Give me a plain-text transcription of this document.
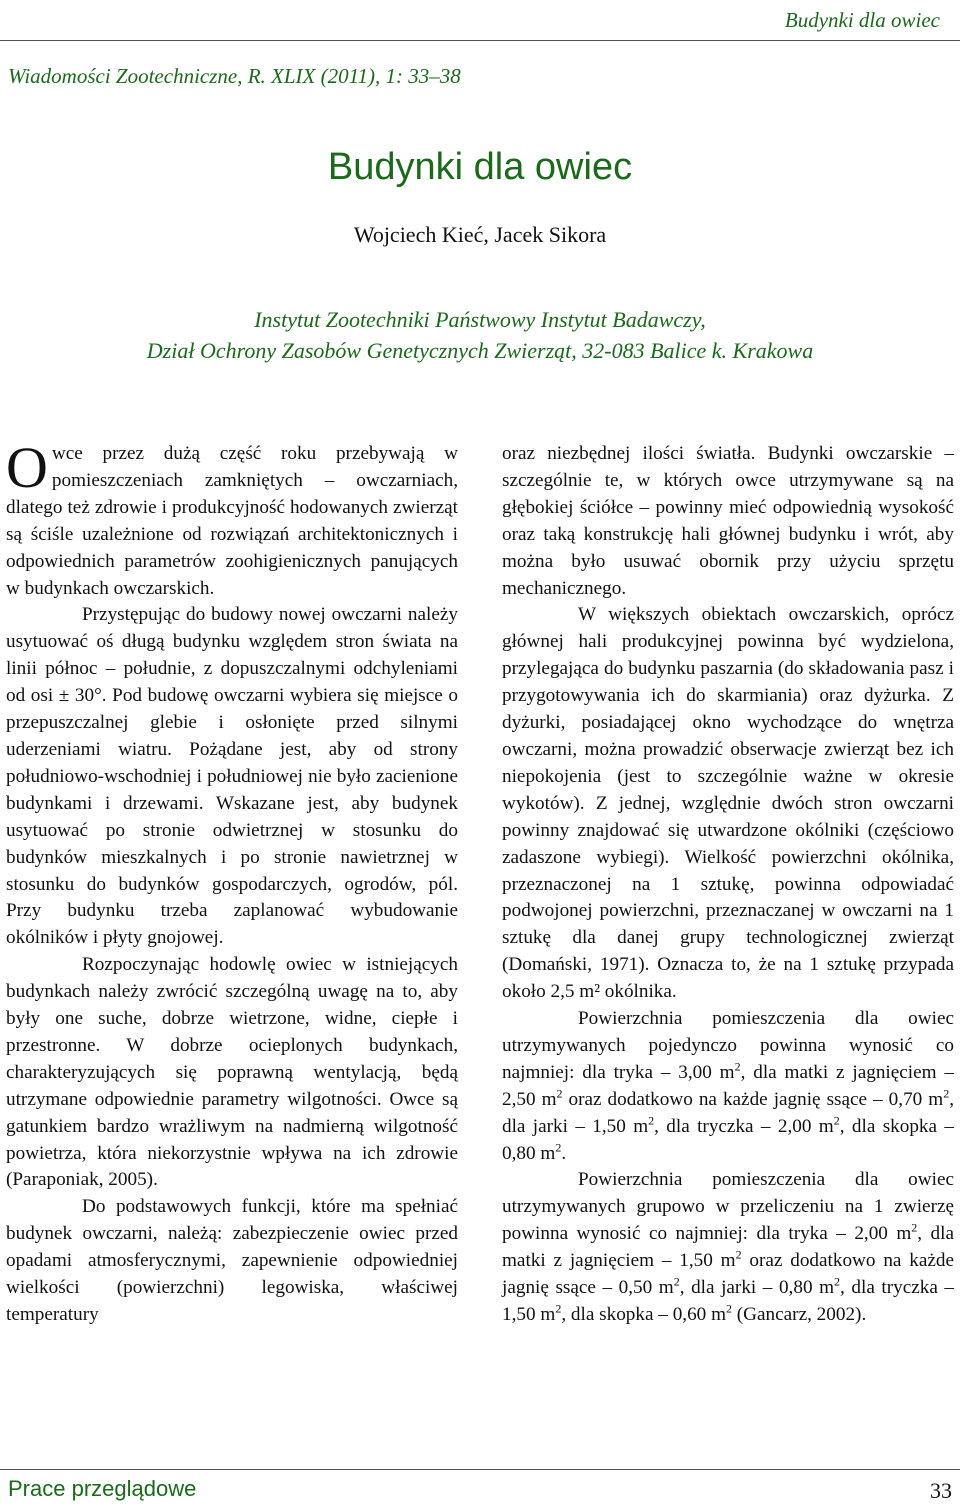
Budynki dla owiec
Wiadomości Zootechniczne, R. XLIX (2011), 1: 33–38
Budynki dla owiec
Wojciech Kieć, Jacek Sikora
Instytut Zootechniki Państwowy Instytut Badawczy,
Dział Ochrony Zasobów Genetycznych Zwierząt, 32-083 Balice k. Krakowa

Owce przez dużą część roku przebywają w pomieszczeniach zamkniętych – owczarniach, dlatego też zdrowie i produkcyjność hodowanych zwierząt są ściśle uzależnione od rozwiązań architektonicznych i odpowiednich parametrów zoohigienicznych panujących w budynkach owczarskich.

Przystępując do budowy nowej owczarni należy usytuować oś długą budynku względem stron świata na linii północ – południe, z dopuszczalnymi odchyleniami od osi ± 30°. Pod budowę owczarni wybiera się miejsce o przepuszczalnej glebie i osłonięte przed silnymi uderzeniami wiatru. Pożądane jest, aby od strony południowo-wschodniej i południowej nie było zacienione budynkami i drzewami. Wskazane jest, aby budynek usytuować po stronie odwietrznej w stosunku do budynków mieszkalnych i po stronie nawietrznej w stosunku do budynków gospodarczych, ogrodów, pól. Przy budynku trzeba zaplanować wybudowanie okólników i płyty gnojowej.

Rozpoczynając hodowlę owiec w istniejących budynkach należy zwrócić szczególną uwagę na to, aby były one suche, dobrze wietrzone, widne, ciepłe i przestronne. W dobrze ocieplonych budynkach, charakteryzujących się poprawną wentylacją, będą utrzymane odpowiednie parametry wilgotności. Owce są gatunkiem bardzo wrażliwym na nadmierną wilgotność powietrza, która niekorzystnie wpływa na ich zdrowie (Paraponiak, 2005).

Do podstawowych funkcji, które ma spełniać budynek owczarni, należą: zabezpieczenie owiec przed opadami atmosferycznymi, zapewnienie odpowiedniej wielkości (powierzchni) legowiska, właściwej temperatury

oraz niezbędnej ilości światła. Budynki owczarskie – szczególnie te, w których owce utrzymywane są na głębokiej ściółce – powinny mieć odpowiednią wysokość oraz taką konstrukcję hali głównej budynku i wrót, aby można było usuwać obornik przy użyciu sprzętu mechanicznego.

W większych obiektach owczarskich, oprócz głównej hali produkcyjnej powinna być wydzielona, przylegająca do budynku paszarnia (do składowania pasz i przygotowywania ich do skarmiania) oraz dyżurka. Z dyżurki, posiadającej okno wychodzące do wnętrza owczarni, można prowadzić obserwacje zwierząt bez ich niepokojenia (jest to szczególnie ważne w okresie wykotów). Z jednej, względnie dwóch stron owczarni powinny znajdować się utwardzone okólniki (częściowo zadaszone wybiegi). Wielkość powierzchni okólnika, przeznaczonej na 1 sztukę, powinna odpowiadać podwojonej powierzchni, przeznaczanej w owczarni na 1 sztukę dla danej grupy technologicznej zwierząt (Domański, 1971). Oznacza to, że na 1 sztukę przypada około 2,5 m² okólnika.

Powierzchnia pomieszczenia dla owiec utrzymywanych pojedynczo powinna wynosić co najmniej: dla tryka – 3,00 $m^2$, dla matki z jagnięciem – 2,50 $m^2$ oraz dodatkowo na każde jagnię ssące – 0,70 $m^2$, dla jarki – 1,50 $m^2$, dla tryczka – 2,00 $m^2$, dla skopka – 0,80 $m^2$.

Powierzchnia pomieszczenia dla owiec utrzymywanych grupowo w przeliczeniu na 1 zwierzę powinna wynosić co najmniej: dla tryka – 2,00 $m^2$, dla matki z jagnięciem – 1,50 $m^2$ oraz dodatkowo na każde jagnię ssące – 0,50 $m^2$, dla jarki – 0,80 $m^2$, dla tryczka – 1,50 $m^2$, dla skopka – 0,60 $m^2$ (Gancarz, 2002).

Prace przeglądowe	33
